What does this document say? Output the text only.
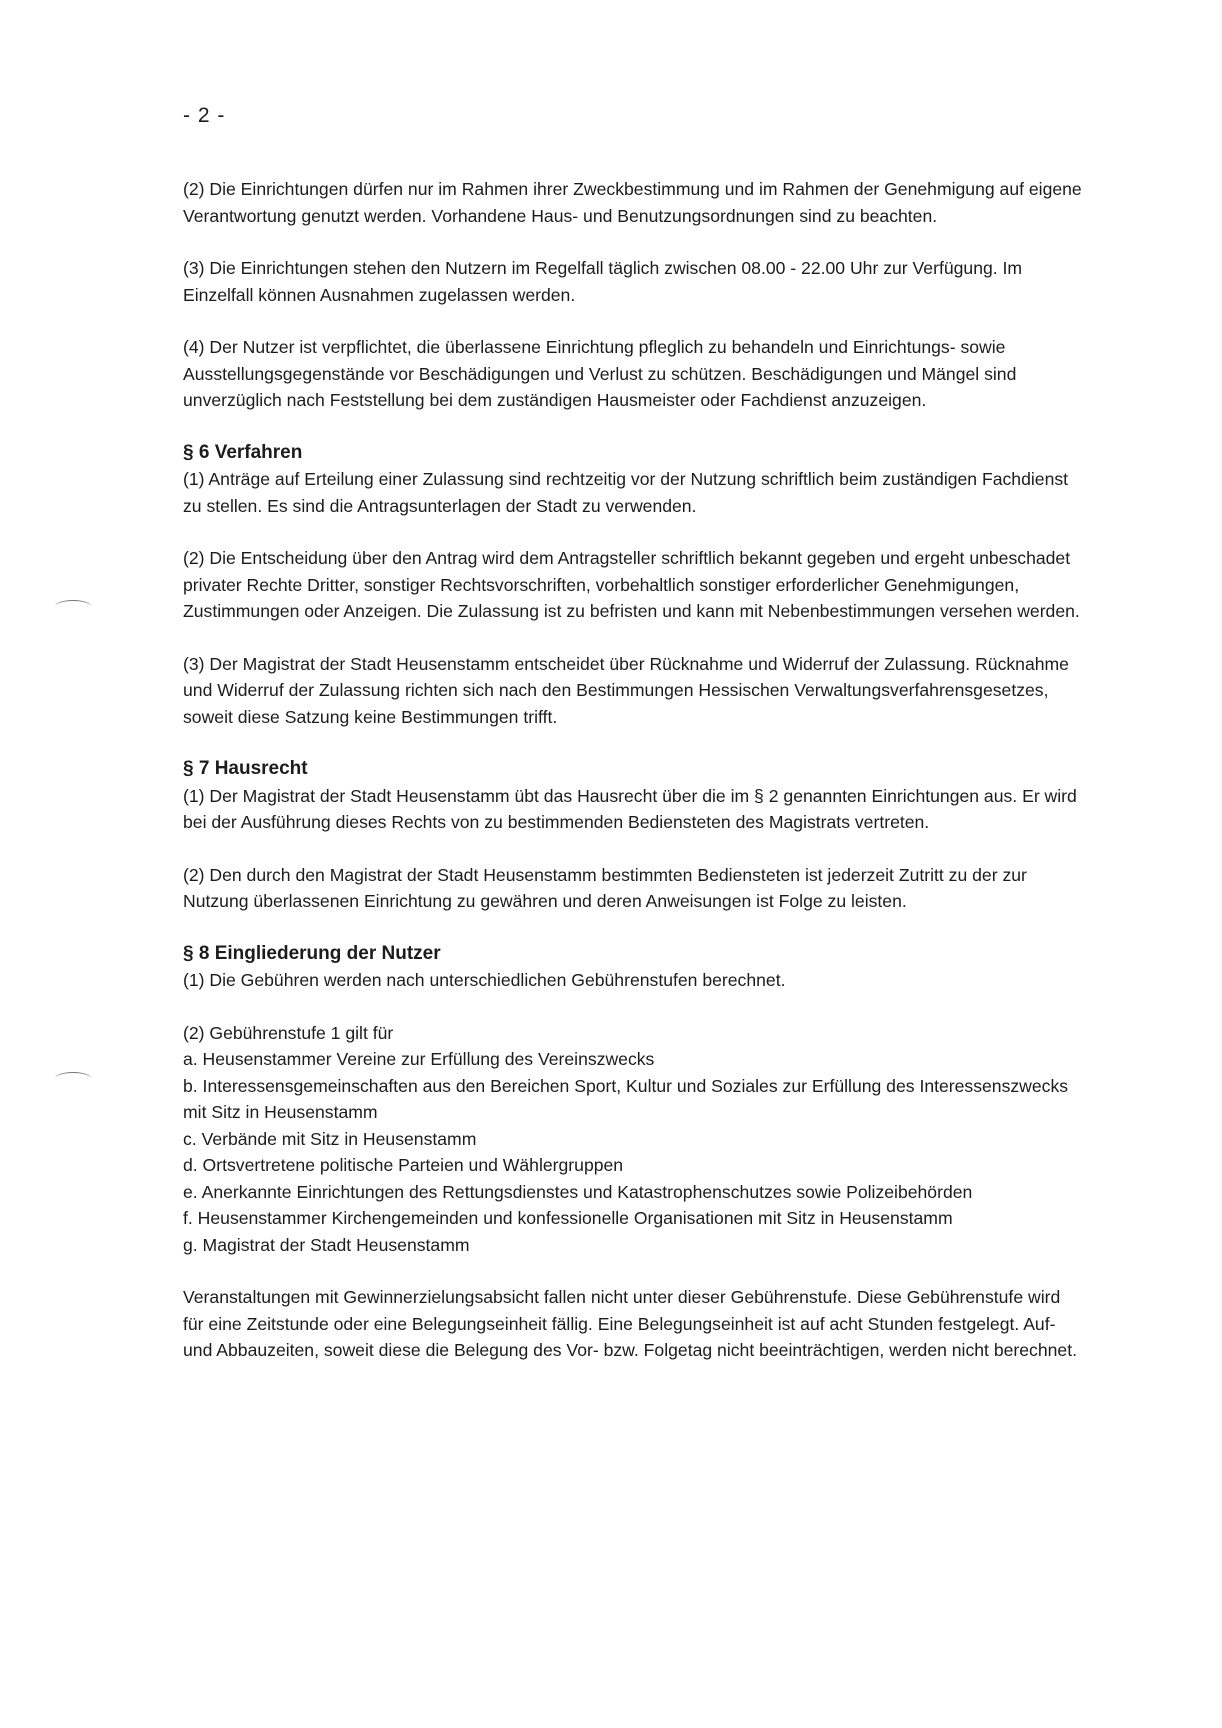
- 2 -

(2) Die Einrichtungen dürfen nur im Rahmen ihrer Zweckbestimmung und im Rahmen der Genehmigung auf eigene Verantwortung genutzt werden. Vorhandene Haus- und Benutzungsordnungen sind zu beachten.

(3) Die Einrichtungen stehen den Nutzern im Regelfall täglich zwischen 08.00 - 22.00 Uhr zur Verfügung. Im Einzelfall können Ausnahmen zugelassen werden.

(4) Der Nutzer ist verpflichtet, die überlassene Einrichtung pfleglich zu behandeln und Einrichtungs- sowie Ausstellungsgegenstände vor Beschädigungen und Verlust zu schützen. Beschädigungen und Mängel sind unverzüglich nach Feststellung bei dem zuständigen Hausmeister oder Fachdienst anzuzeigen.

§ 6 Verfahren

(1) Anträge auf Erteilung einer Zulassung sind rechtzeitig vor der Nutzung schriftlich beim zuständigen Fachdienst zu stellen. Es sind die Antragsunterlagen der Stadt zu verwenden.

(2) Die Entscheidung über den Antrag wird dem Antragsteller schriftlich bekannt gegeben und ergeht unbeschadet privater Rechte Dritter, sonstiger Rechtsvorschriften, vorbehaltlich sonstiger erforderlicher Genehmigungen, Zustimmungen oder Anzeigen. Die Zulassung ist zu befristen und kann mit Nebenbestimmungen versehen werden.

(3) Der Magistrat der Stadt Heusenstamm entscheidet über Rücknahme und Widerruf der Zulassung. Rücknahme und Widerruf der Zulassung richten sich nach den Bestimmungen Hessischen Verwaltungsverfahrensgesetzes, soweit diese Satzung keine Bestimmungen trifft.

§ 7 Hausrecht

(1) Der Magistrat der Stadt Heusenstamm übt das Hausrecht über die im § 2 genannten Einrichtungen aus. Er wird bei der Ausführung dieses Rechts von zu bestimmenden Bediensteten des Magistrats vertreten.

(2) Den durch den Magistrat der Stadt Heusenstamm bestimmten Bediensteten ist jederzeit Zutritt zu der zur Nutzung überlassenen Einrichtung zu gewähren und deren Anweisungen ist Folge zu leisten.

§ 8 Eingliederung der Nutzer

(1) Die Gebühren werden nach unterschiedlichen Gebührenstufen berechnet.

(2) Gebührenstufe 1 gilt für

a. Heusenstammer Vereine zur Erfüllung des Vereinszwecks
b. Interessensgemeinschaften aus den Bereichen Sport, Kultur und Soziales zur Erfüllung des Interessenszwecks mit Sitz in Heusenstamm
c. Verbände mit Sitz in Heusenstamm
d. Ortsvertretene politische Parteien und Wählergruppen
e. Anerkannte Einrichtungen des Rettungsdienstes und Katastrophenschutzes sowie Polizeibehörden
f. Heusenstammer Kirchengemeinden und konfessionelle Organisationen mit Sitz in Heusenstamm
g. Magistrat der Stadt Heusenstamm

Veranstaltungen mit Gewinnerzielungsabsicht fallen nicht unter dieser Gebührenstufe. Diese Gebührenstufe wird für eine Zeitstunde oder eine Belegungseinheit fällig. Eine Belegungseinheit ist auf acht Stunden festgelegt. Auf- und Abbauzeiten, soweit diese die Belegung des Vor- bzw. Folgetag nicht beeinträchtigen, werden nicht berechnet.
